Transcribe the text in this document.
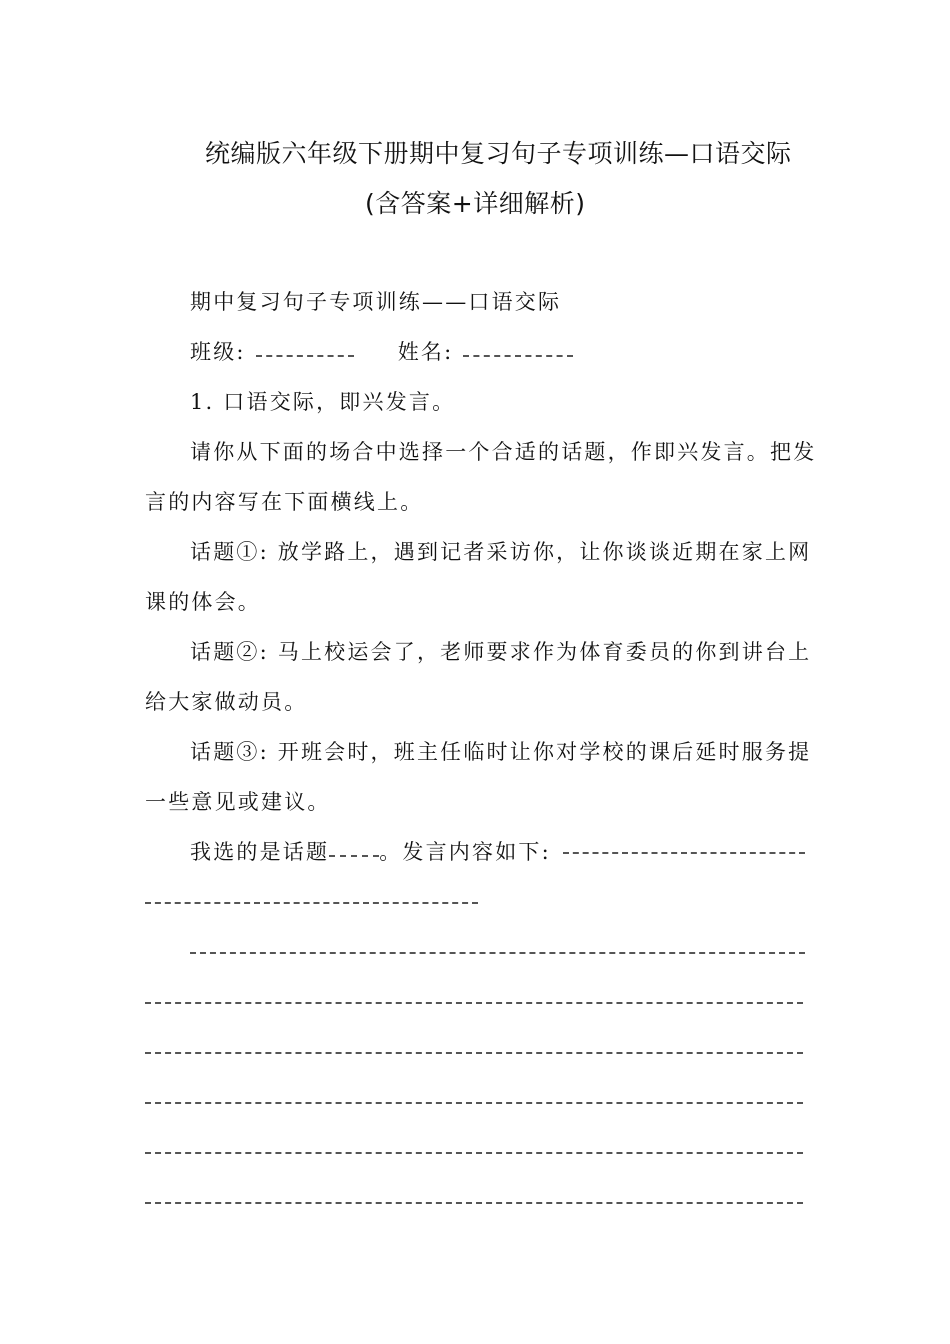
统编版六年级下册期中复习句子专项训练—口语交际
(含答案+详细解析)
期中复习句子专项训练——口语交际
班级:	姓名:
1. 口语交际，即兴发言。
请你从下面的场合中选择一个合适的话题，作即兴发言。把发
言的内容写在下面横线上。
话题①: 放学路上，遇到记者采访你，让你谈谈近期在家上网
课的体会。
话题②: 马上校运会了，老师要求作为体育委员的你到讲台上
给大家做动员。
话题③: 开班会时，班主任临时让你对学校的课后延时服务提
一些意见或建议。
我选的是话题 。发言内容如下:
